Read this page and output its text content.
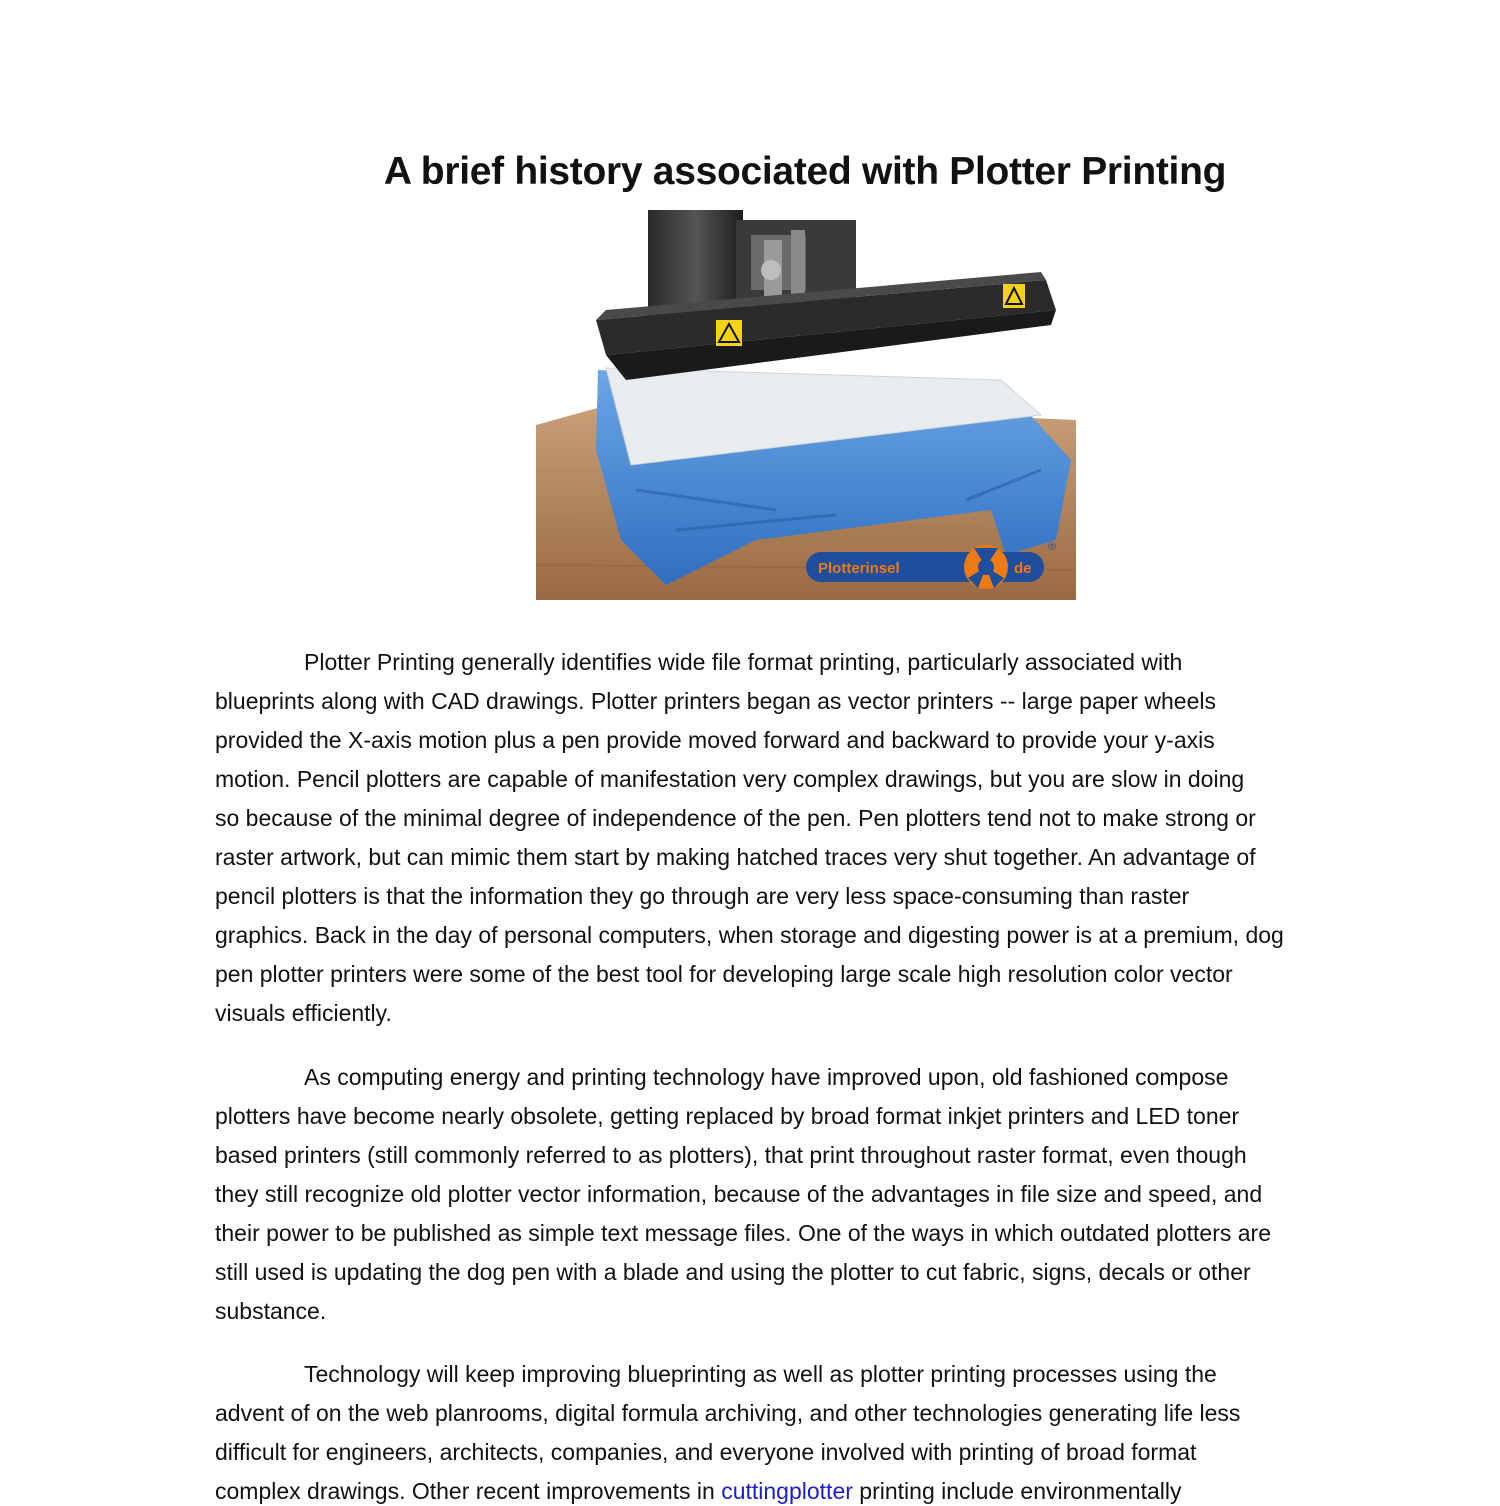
A brief history associated with Plotter Printing
Plotterinsel	de
®
Plotter Printing generally identifies wide file format printing, particularly associated with
blueprints along with CAD drawings. Plotter printers began as vector printers -- large paper wheels
provided the X-axis motion plus a pen provide moved forward and backward to provide your y-axis
motion. Pencil plotters are capable of manifestation very complex drawings, but you are slow in doing
so because of the minimal degree of independence of the pen. Pen plotters tend not to make strong or
raster artwork, but can mimic them start by making hatched traces very shut together. An advantage of
pencil plotters is that the information they go through are very less space-consuming than raster
graphics. Back in the day of personal computers, when storage and digesting power is at a premium, dog
pen plotter printers were some of the best tool for developing large scale high resolution color vector
visuals efficiently.
As computing energy and printing technology have improved upon, old fashioned compose
plotters have become nearly obsolete, getting replaced by broad format inkjet printers and LED toner
based printers (still commonly referred to as plotters), that print throughout raster format, even though
they still recognize old plotter vector information, because of the advantages in file size and speed, and
their power to be published as simple text message files. One of the ways in which outdated plotters are
still used is updating the dog pen with a blade and using the plotter to cut fabric, signs, decals or other
substance.
Technology will keep improving blueprinting as well as plotter printing processes using the
advent of on the web planrooms, digital formula archiving, and other technologies generating life less
difficult for engineers, architects, companies, and everyone involved with printing of broad format
complex drawings. Other recent improvements in cuttingplotter printing include environmentally
